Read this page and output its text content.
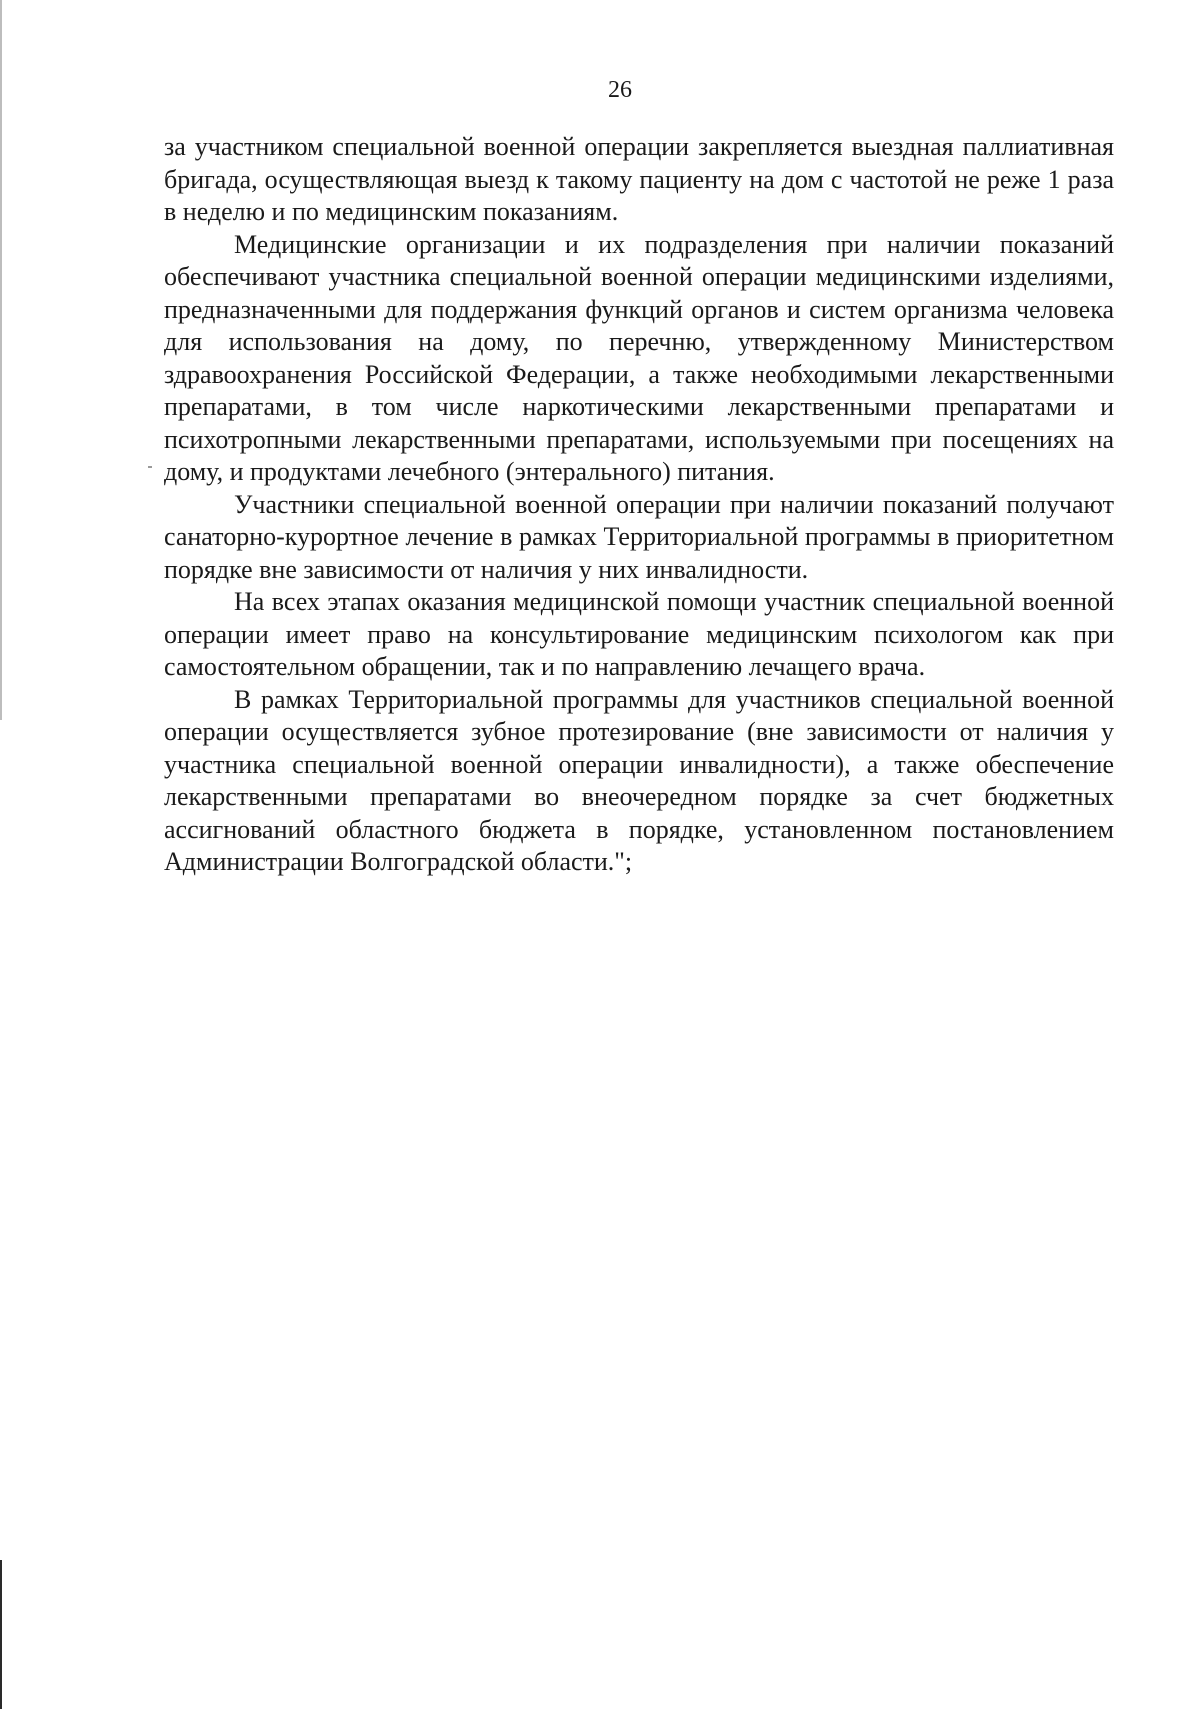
26

за участником специальной военной операции закрепляется выездная паллиативная бригада, осуществляющая выезд к такому пациенту на дом с частотой не реже 1 раза в неделю и по медицинским показаниям.

Медицинские организации и их подразделения при наличии показаний обеспечивают участника специальной военной операции медицинскими изделиями, предназначенными для поддержания функций органов и систем организма человека для использования на дому, по перечню, утвержденному Министерством здравоохранения Российской Федерации, а также необходимыми лекарственными препаратами, в том числе наркотическими лекарственными препаратами и психотропными лекарственными препаратами, используемыми при посещениях на дому, и продуктами лечебного (энтерального) питания.

Участники специальной военной операции при наличии показаний получают санаторно-курортное лечение в рамках Территориальной программы в приоритетном порядке вне зависимости от наличия у них инвалидности.

На всех этапах оказания медицинской помощи участник специальной военной операции имеет право на консультирование медицинским психологом как при самостоятельном обращении, так и по направлению лечащего врача.

В рамках Территориальной программы для участников специальной военной операции осуществляется зубное протезирование (вне зависимости от наличия у участника специальной военной операции инвалидности), а также обеспечение лекарственными препаратами во внеочередном порядке за счет бюджетных ассигнований областного бюджета в порядке, установленном постановлением Администрации Волгоградской области.";
